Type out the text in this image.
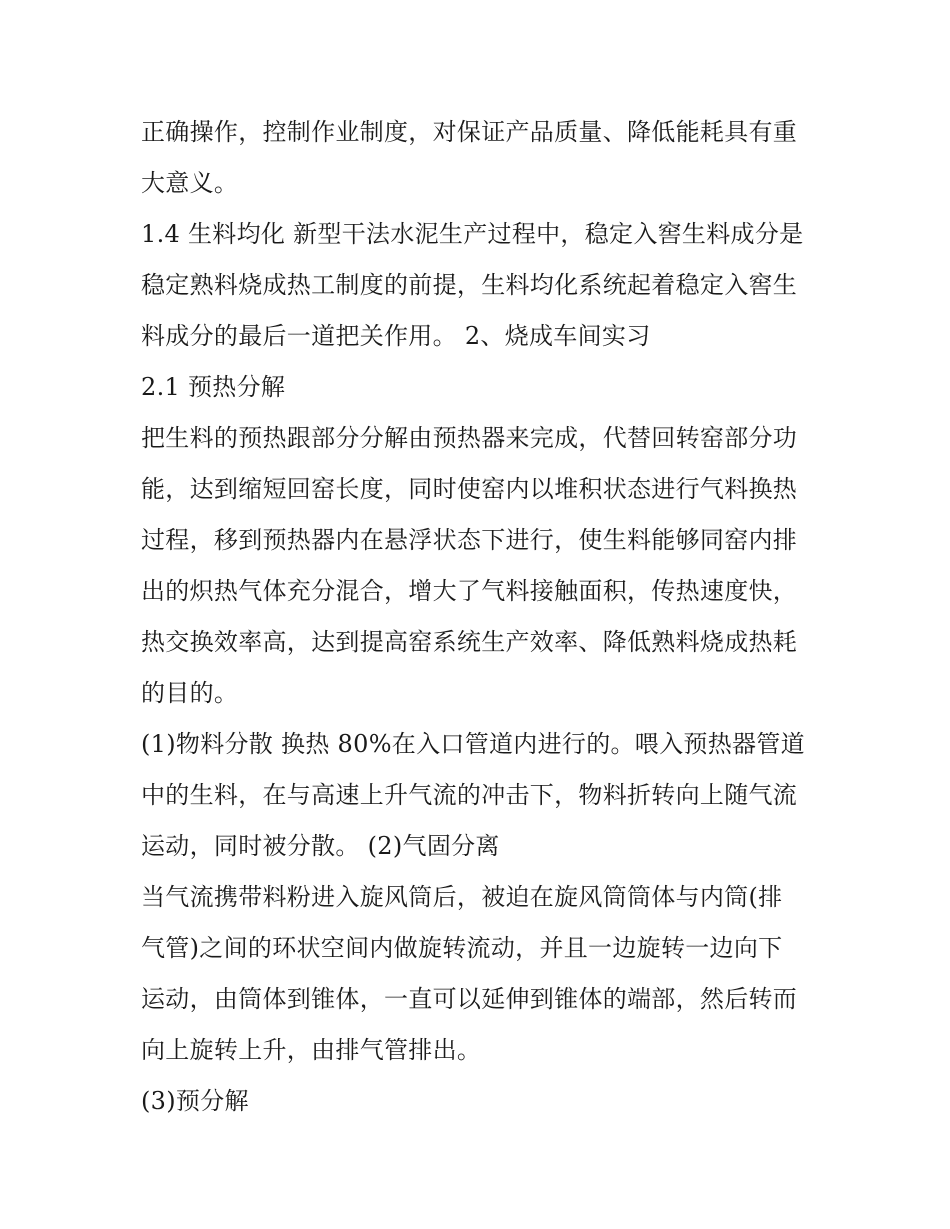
正确操作，控制作业制度，对保证产品质量、降低能耗具有重
大意义。
1.4 生料均化 新型干法水泥生产过程中，稳定入窖生料成分是
稳定熟料烧成热工制度的前提，生料均化系统起着稳定入窖生
料成分的最后一道把关作用。 2、烧成车间实习
2.1 预热分解
把生料的预热跟部分分解由预热器来完成，代替回转窑部分功
能，达到缩短回窑长度，同时使窑内以堆积状态进行气料换热
过程，移到预热器内在悬浮状态下进行，使生料能够同窑内排
出的炽热气体充分混合，增大了气料接触面积，传热速度快，
热交换效率高，达到提高窑系统生产效率、降低熟料烧成热耗
的目的。
(1)物料分散 换热 80%在入口管道内进行的。喂入预热器管道
中的生料，在与高速上升气流的冲击下，物料折转向上随气流
运动，同时被分散。 (2)气固分离
当气流携带料粉进入旋风筒后，被迫在旋风筒筒体与内筒(排
气管)之间的环状空间内做旋转流动，并且一边旋转一边向下
运动，由筒体到锥体，一直可以延伸到锥体的端部，然后转而
向上旋转上升，由排气管排出。
(3)预分解
